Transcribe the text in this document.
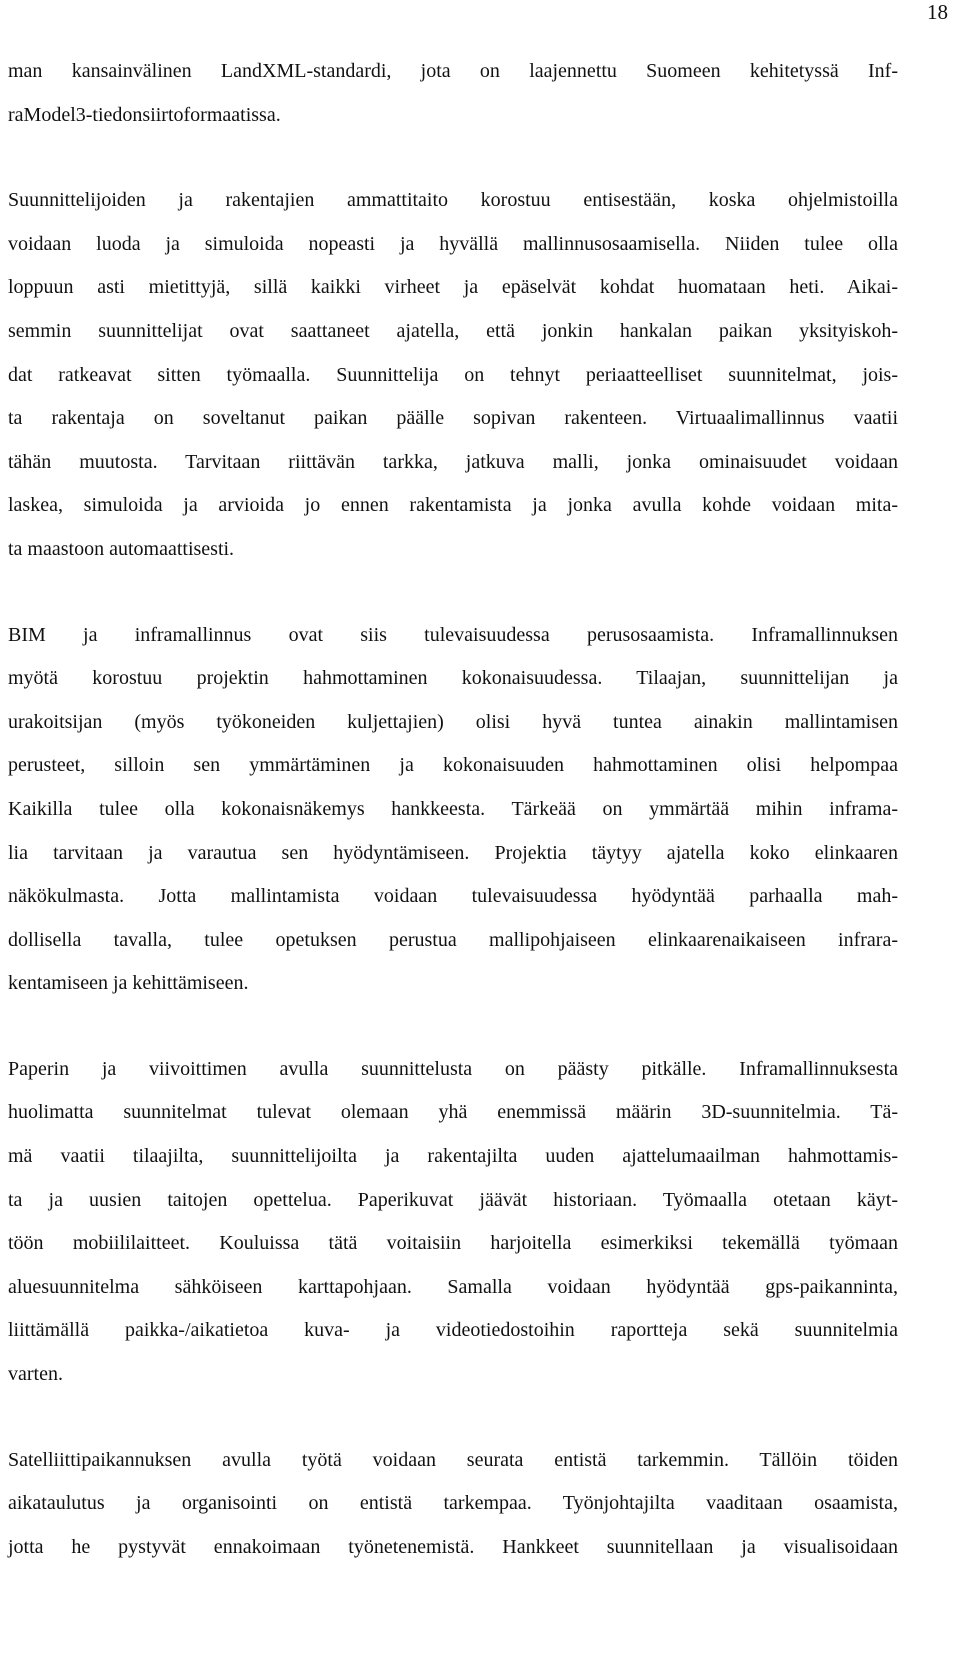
18

man kansainvälinen LandXML-standardi, jota on laajennettu Suomeen kehitetyssä Inf-
raModel3-tiedonsiirtoformaatissa.

Suunnittelijoiden ja rakentajien ammattitaito korostuu entisestään, koska ohjelmistoilla
voidaan luoda ja simuloida nopeasti ja hyvällä mallinnusosaamisella. Niiden tulee olla
loppuun asti mietittyjä, sillä kaikki virheet ja epäselvät kohdat huomataan heti. Aikai-
semmin suunnittelijat ovat saattaneet ajatella, että jonkin hankalan paikan yksityiskoh-
dat ratkeavat sitten työmaalla. Suunnittelija on tehnyt periaatteelliset suunnitelmat, jois-
ta rakentaja on soveltanut paikan päälle sopivan rakenteen. Virtuaalimallinnus vaatii
tähän muutosta. Tarvitaan riittävän tarkka, jatkuva malli, jonka ominaisuudet voidaan
laskea, simuloida ja arvioida jo ennen rakentamista ja jonka avulla kohde voidaan mita-
ta maastoon automaattisesti.

BIM ja inframallinnus ovat siis tulevaisuudessa perusosaamista. Inframallinnuksen
myötä korostuu projektin hahmottaminen kokonaisuudessa. Tilaajan, suunnittelijan ja
urakoitsijan (myös työkoneiden kuljettajien) olisi hyvä tuntea ainakin mallintamisen
perusteet, silloin sen ymmärtäminen ja kokonaisuuden hahmottaminen olisi helpompaa
Kaikilla tulee olla kokonaisnäkemys hankkeesta. Tärkeää on ymmärtää mihin inframa-
lia tarvitaan ja varautua sen hyödyntämiseen. Projektia täytyy ajatella koko elinkaaren
näkökulmasta. Jotta mallintamista voidaan tulevaisuudessa hyödyntää parhaalla mah-
dollisella tavalla, tulee opetuksen perustua mallipohjaiseen elinkaarenaikaiseen infrara-
kentamiseen ja kehittämiseen.

Paperin ja viivoittimen avulla suunnittelusta on päästy pitkälle. Inframallinnuksesta
huolimatta suunnitelmat tulevat olemaan yhä enemmissä määrin 3D-suunnitelmia. Tä-
mä vaatii tilaajilta, suunnittelijoilta ja rakentajilta uuden ajattelumaailman hahmottamis-
ta ja uusien taitojen opettelua. Paperikuvat jäävät historiaan. Työmaalla otetaan käyt-
töön mobiililaitteet. Kouluissa tätä voitaisiin harjoitella esimerkiksi tekemällä työmaan
aluesuunnitelma sähköiseen karttapohjaan. Samalla voidaan hyödyntää gps-paikanninta,
liittämällä paikka-/aikatietoa kuva- ja videotiedostoihin raportteja sekä suunnitelmia
varten.

Satelliittipaikannuksen avulla työtä voidaan seurata entistä tarkemmin. Tällöin töiden
aikataulutus ja organisointi on entistä tarkempaa. Työnjohtajilta vaaditaan osaamista,
jotta he pystyvät ennakoimaan työnetenemistä. Hankkeet suunnitellaan ja visualisoidaan
